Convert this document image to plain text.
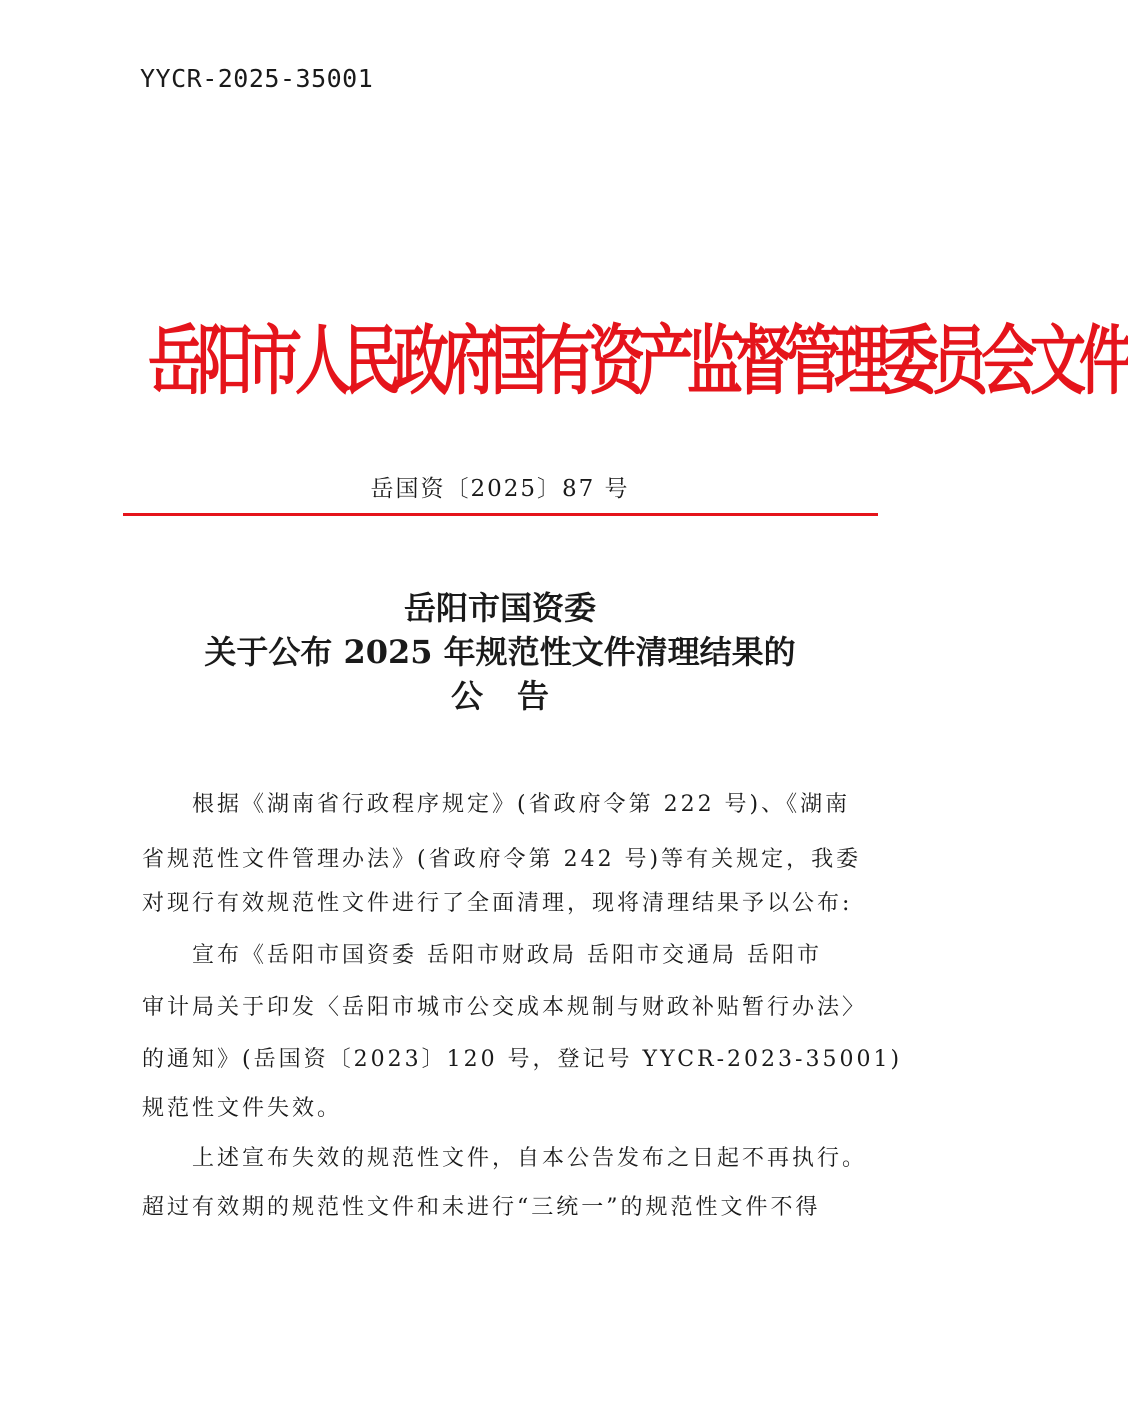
YYCR-2025-35001
岳阳市人民政府国有资产监督管理委员会文件
岳国资〔2025〕87 号
岳阳市国资委
关于公布 2025 年规范性文件清理结果的
公告
根据《湖南省行政程序规定》(省政府令第 222 号)、《湖南
省规范性文件管理办法》(省政府令第 242 号)等有关规定，我委
对现行有效规范性文件进行了全面清理，现将清理结果予以公布:
宣布《岳阳市国资委 岳阳市财政局 岳阳市交通局 岳阳市
审计局关于印发〈岳阳市城市公交成本规制与财政补贴暂行办法〉
的通知》(岳国资〔2023〕120 号，登记号 YYCR-2023-35001)
规范性文件失效。
上述宣布失效的规范性文件，自本公告发布之日起不再执行。
超过有效期的规范性文件和未进行“三统一”的规范性文件不得
